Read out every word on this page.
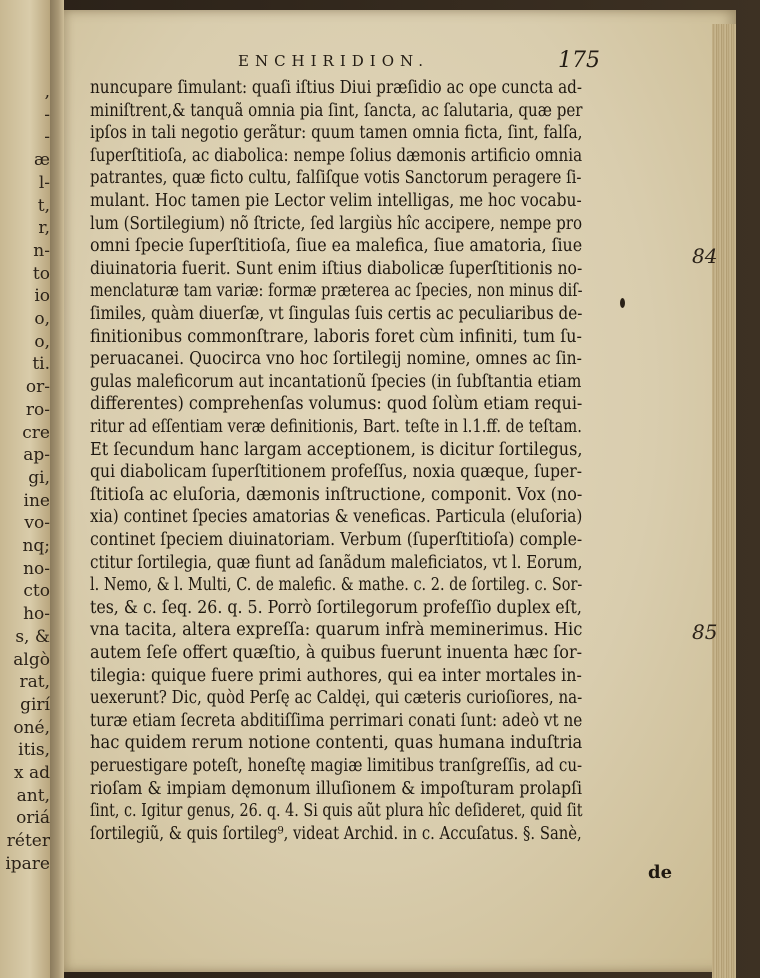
,
-
-
æ
l-
t,
r,
n-
to
io
o,
o,
ti.
or-
ro-
cre
ap-
gi,
ine
vo-
nq;
no-
cto
ho-
s, &
algò
rat,
girí
oné,
itis,
x ad
ant,
oriá
réter
ipare
ENCHIRIDION.	175
nuncupare ſimulant: quaſi iſtius Diui præſidio ac ope cuncta ad-
miniſtrent,& tanquã omnia pia ſint, ſancta, ac ſalutaria, quæ per
ipſos in tali negotio gerãtur: quum tamen omnia ficta, ſint, falſa,
ſuperſtitioſa, ac diabolica: nempe ſolius dæmonis artificio omnia
patrantes, quæ ficto cultu, falſiſque votis Sanctorum peragere ſi-
mulant. Hoc tamen pie Lector velim intelligas, me hoc vocabu-
lum (Sortilegium) nõ ſtricte, ſed largiùs hîc accipere, nempe pro
omni ſpecie ſuperſtitioſa, ſiue ea malefica, ſiue amatoria, ſiue
diuinatoria fuerit. Sunt enim iſtius diabolicæ ſuperſtitionis no-
menclaturæ tam variæ: formæ præterea ac ſpecies, non minus diſ-
ſimiles, quàm diuerſæ, vt ſingulas ſuis certis ac peculiaribus de-
finitionibus commonſtrare, laboris foret cùm infiniti, tum ſu-
peruacanei. Quocirca vno hoc ſortilegij nomine, omnes ac ſin-
gulas maleficorum aut incantationũ ſpecies (in ſubſtantia etiam
differentes) comprehenſas volumus: quod ſolùm etiam requi-
ritur ad eſſentiam veræ definitionis, Bart. teſte in l.1.ff. de teſtam.
Et ſecundum hanc largam acceptionem, is dicitur ſortilegus,
qui diabolicam ſuperſtitionem profeſſus, noxia quæque, ſuper-
ſtitioſa ac eluſoria, dæmonis inſtructione, componit. Vox (no-
xia) continet ſpecies amatorias & veneficas. Particula (eluſoria)
continet ſpeciem diuinatoriam. Verbum (ſuperſtitioſa) comple-
ctitur ſortilegia, quæ fiunt ad ſanãdum maleficiatos, vt l. Eorum,
l. Nemo, & l. Multi, C. de malefic. & mathe. c. 2. de ſortileg. c. Sor-
tes, & c. ſeq. 26. q. 5. Porrò ſortilegorum profeſſio duplex eſt,
vna tacita, altera expreſſa: quarum infrà meminerimus. Hic
autem ſeſe offert quæſtio, à quibus fuerunt inuenta hæc ſor-
tilegia: quique fuere primi authores, qui ea inter mortales in-
uexerunt? Dic, quòd Perſę ac Caldęi, qui cæteris curioſiores, na-
turæ etiam ſecreta abditiſſima perrimari conati ſunt: adeò vt ne
hac quidem rerum notione contenti, quas humana induſtria
peruestigare poteſt, honeſtę magiæ limitibus tranſgreſſis, ad cu-
rioſam & impiam dęmonum illuſionem & impoſturam prolapſi
ſint, c. Igitur genus, 26. q. 4. Si quis aũt plura hîc deſideret, quid ſit
ſortilegiũ, & quis ſortileg⁹, videat Archid. in c. Accuſatus. §. Sanè,
84
85
de
